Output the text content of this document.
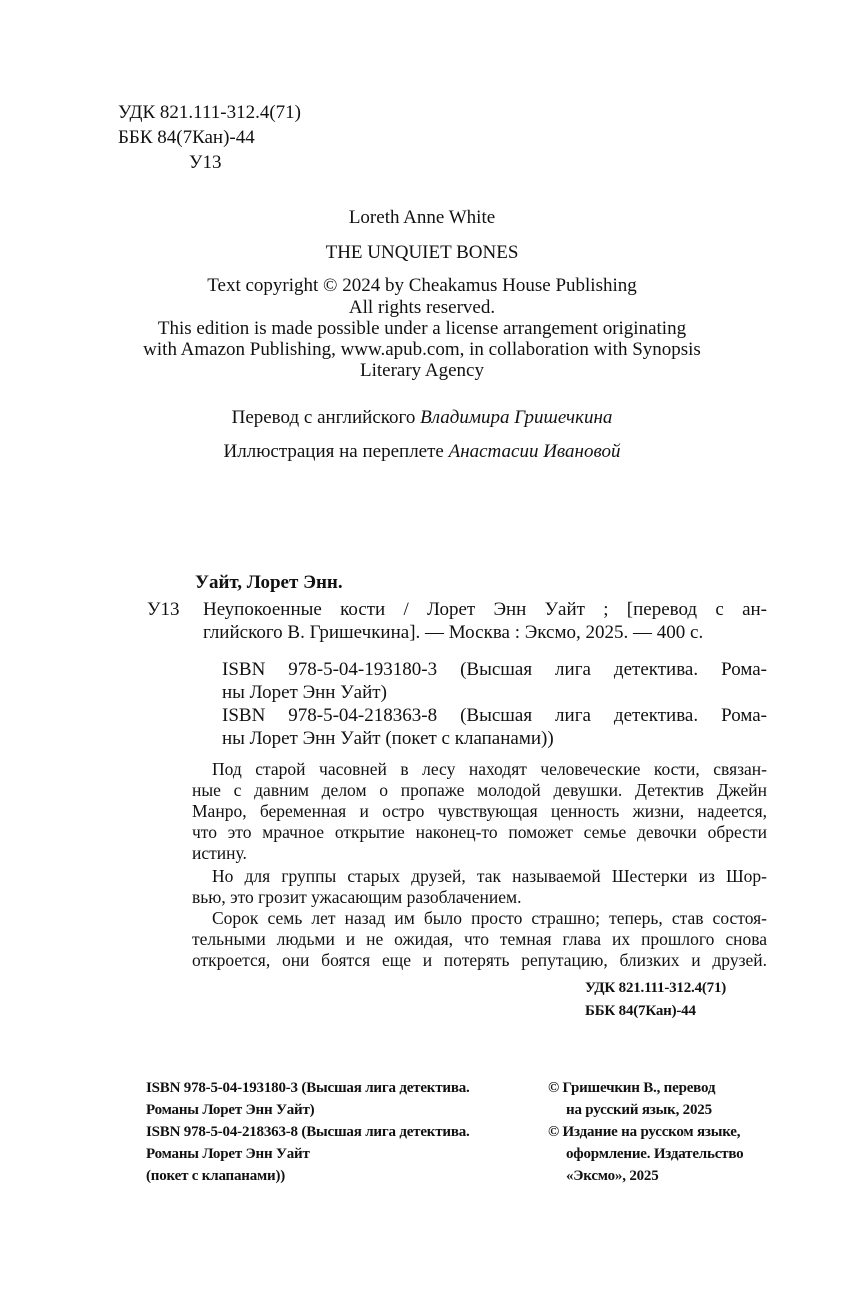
УДК 821.111-312.4(71)
ББК 84(7Кан)-44
У13
Loreth Anne White
THE UNQUIET BONES
Text copyright © 2024 by Cheakamus House Publishing
All rights reserved.
This edition is made possible under a license arrangement originating
with Amazon Publishing, www.apub.com, in collaboration with Synopsis
Literary Agency
Перевод с английского Владимира Гришечкина
Иллюстрация на переплете Анастасии Ивановой
Уайт, Лорет Энн.
У13 Неупокоенные кости / Лорет Энн Уайт ; [перевод с ан-
глийского В. Гришечкина]. — Москва : Эксмо, 2025. — 400 с.
ISBN 978-5-04-193180-3 (Высшая лига детектива. Рома-
ны Лорет Энн Уайт)
ISBN 978-5-04-218363-8 (Высшая лига детектива. Рома-
ны Лорет Энн Уайт (покет с клапанами))
Под старой часовней в лесу находят человеческие кости, связан-
ные с давним делом о пропаже молодой девушки. Детектив Джейн
Манро, беременная и остро чувствующая ценность жизни, надеется,
что это мрачное открытие наконец-то поможет семье девочки обрести
истину.
Но для группы старых друзей, так называемой Шестерки из Шор-
вью, это грозит ужасающим разоблачением.
Сорок семь лет назад им было просто страшно; теперь, став состоя-
тельными людьми и не ожидая, что темная глава их прошлого снова
откроется, они боятся еще и потерять репутацию, близких и друзей.
УДК 821.111-312.4(71)
ББК 84(7Кан)-44
ISBN 978-5-04-193180-3 (Высшая лига детектива.
Романы Лорет Энн Уайт)
ISBN 978-5-04-218363-8 (Высшая лига детектива.
Романы Лорет Энн Уайт
(покет с клапанами))
© Гришечкин В., перевод
на русский язык, 2025
© Издание на русском языке,
оформление. Издательство
«Эксмо», 2025
